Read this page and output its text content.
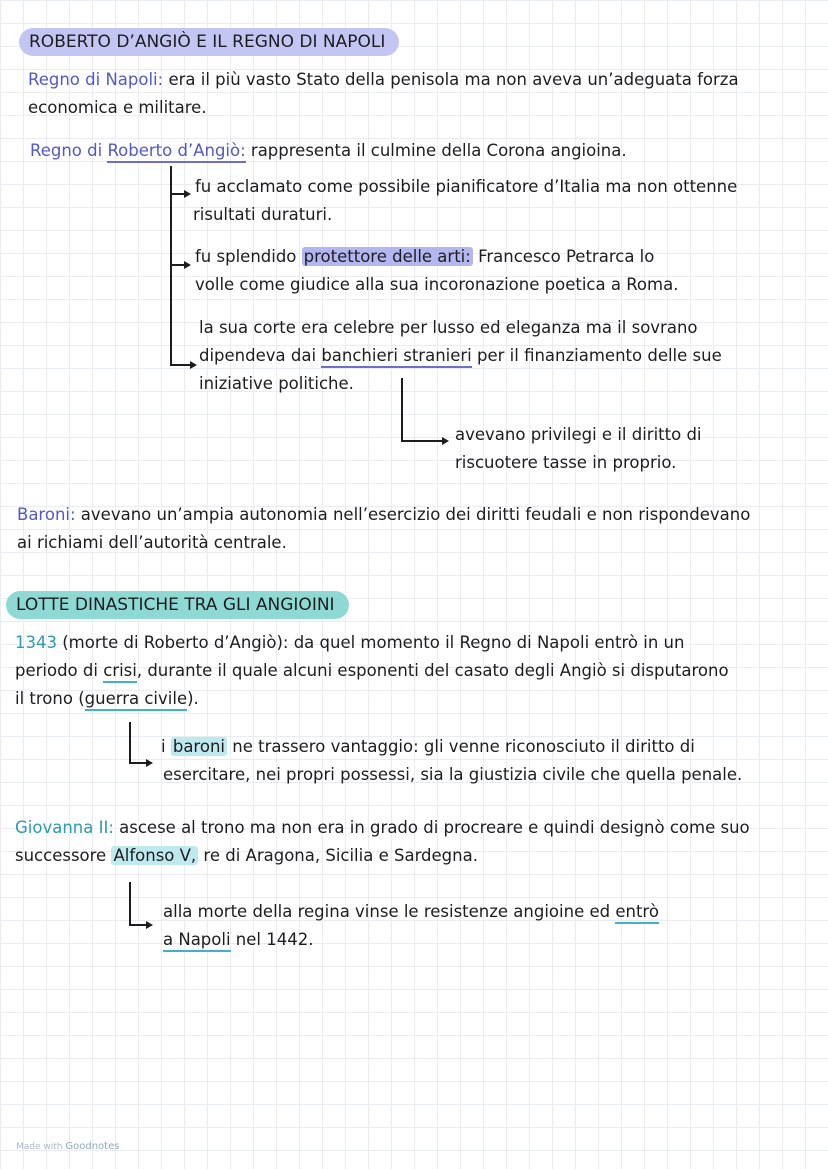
ROBERTO D’ANGIÒ E IL REGNO DI NAPOLI
Regno di Napoli: era il più vasto Stato della penisola ma non aveva un’adeguata forza
economica e militare.
Regno di Roberto d’Angiò: rappresenta il culmine della Corona angioina.
fu acclamato come possibile pianificatore d’Italia ma non ottenne
risultati duraturi.
fu splendido protettore delle arti: Francesco Petrarca lo
volle come giudice alla sua incoronazione poetica a Roma.
la sua corte era celebre per lusso ed eleganza ma il sovrano
dipendeva dai banchieri stranieri per il finanziamento delle sue
iniziative politiche.
avevano privilegi e il diritto di
riscuotere tasse in proprio.
Baroni: avevano un’ampia autonomia nell’esercizio dei diritti feudali e non rispondevano
ai richiami dell’autorità centrale.
LOTTE DINASTICHE TRA GLI ANGIOINI
1343 (morte di Roberto d’Angiò): da quel momento il Regno di Napoli entrò in un
periodo di crisi, durante il quale alcuni esponenti del casato degli Angiò si disputarono
il trono (guerra civile).
i baroni ne trassero vantaggio: gli venne riconosciuto il diritto di
esercitare, nei propri possessi, sia la giustizia civile che quella penale.
Giovanna II: ascese al trono ma non era in grado di procreare e quindi designò come suo
successore Alfonso V, re di Aragona, Sicilia e Sardegna.
alla morte della regina vinse le resistenze angioine ed entrò
a Napoli nel 1442.
Made with Goodnotes
